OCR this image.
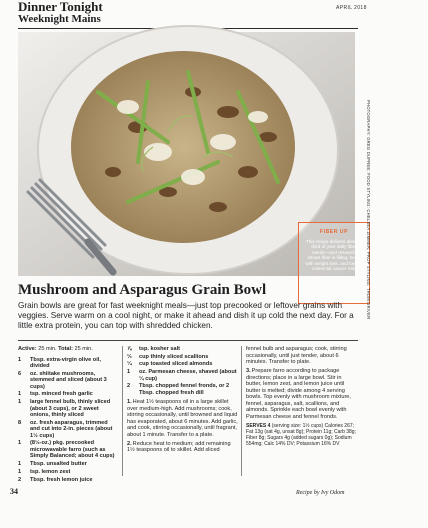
Dinner Tonight
Weeknight Mains
APRIL 2018
FIBER UP
This recipe delivers about a third of your daily fiber needs—and research shows fiber is filling, helps with weight loss, and lowers colorectal cancer risk.	PHOTOGRAPHY: GREG DUPREE; FOOD STYLING: CHELSEA ZIMMER; PROP STYLING: THOM DRIVER
Mushroom and Asparagus Grain Bowl
Grain bowls are great for fast weeknight meals—just top precooked or leftover grains with veggies. Serve warm on a cool night, or make it ahead and dish it up cold the next day. For a little extra protein, you can top with shredded chicken.
Active: 25 min. Total: 25 min.
1	Tbsp. extra-virgin olive oil, divided
6	oz. shiitake mushrooms, stemmed and sliced (about 3 cups)
1	tsp. minced fresh garlic
1	large fennel bulb, thinly sliced (about 3 cups), or 2 sweet onions, thinly sliced
8	oz. fresh asparagus, trimmed and cut into 2-in. pieces (about 1½ cups)
1	(8½-oz.) pkg. precooked microwavable farro (such as Simply Balanced; about 4 cups)
1	Tbsp. unsalted butter
1	tsp. lemon zest
2	Tbsp. fresh lemon juice
⅞	tsp. kosher salt
⅓	cup thinly sliced scallions
¼	cup toasted sliced almonds
1	oz. Parmesan cheese, shaved (about ¼ cup)
2	Tbsp. chopped fennel fronds, or 2 Tbsp. chopped fresh dill
1.Heat 1½ teaspoons oil in a large skillet over medium-high. Add mushrooms; cook, stirring occasionally, until browned and liquid has evaporated, about 6 minutes. Add garlic, and cook, stirring occasionally, until fragrant, about 1 minute. Transfer to a plate.
2.Reduce heat to medium; add remaining 1½ teaspoons oil to skillet. Add sliced
fennel bulb and asparagus; cook, stirring occasionally, until just tender, about 6 minutes. Transfer to plate.
3.Prepare farro according to package directions; place in a large bowl. Stir in butter, lemon zest, and lemon juice until butter is melted; divide among 4 serving bowls. Top evenly with mushroom mixture, fennel, asparagus, salt, scallions, and almonds. Sprinkle each bowl evenly with Parmesan cheese and fennel fronds.
SERVES 4 (serving size: 1½ cups) Calories 267; Fat 13g (sat 4g, unsat 8g); Protein 11g; Carb 38g; Fiber 8g; Sugars 4g (added sugars 0g); Sodium 554mg; Calc 14% DV; Potassium 16% DV
34	Recipe by Ivy Odom
